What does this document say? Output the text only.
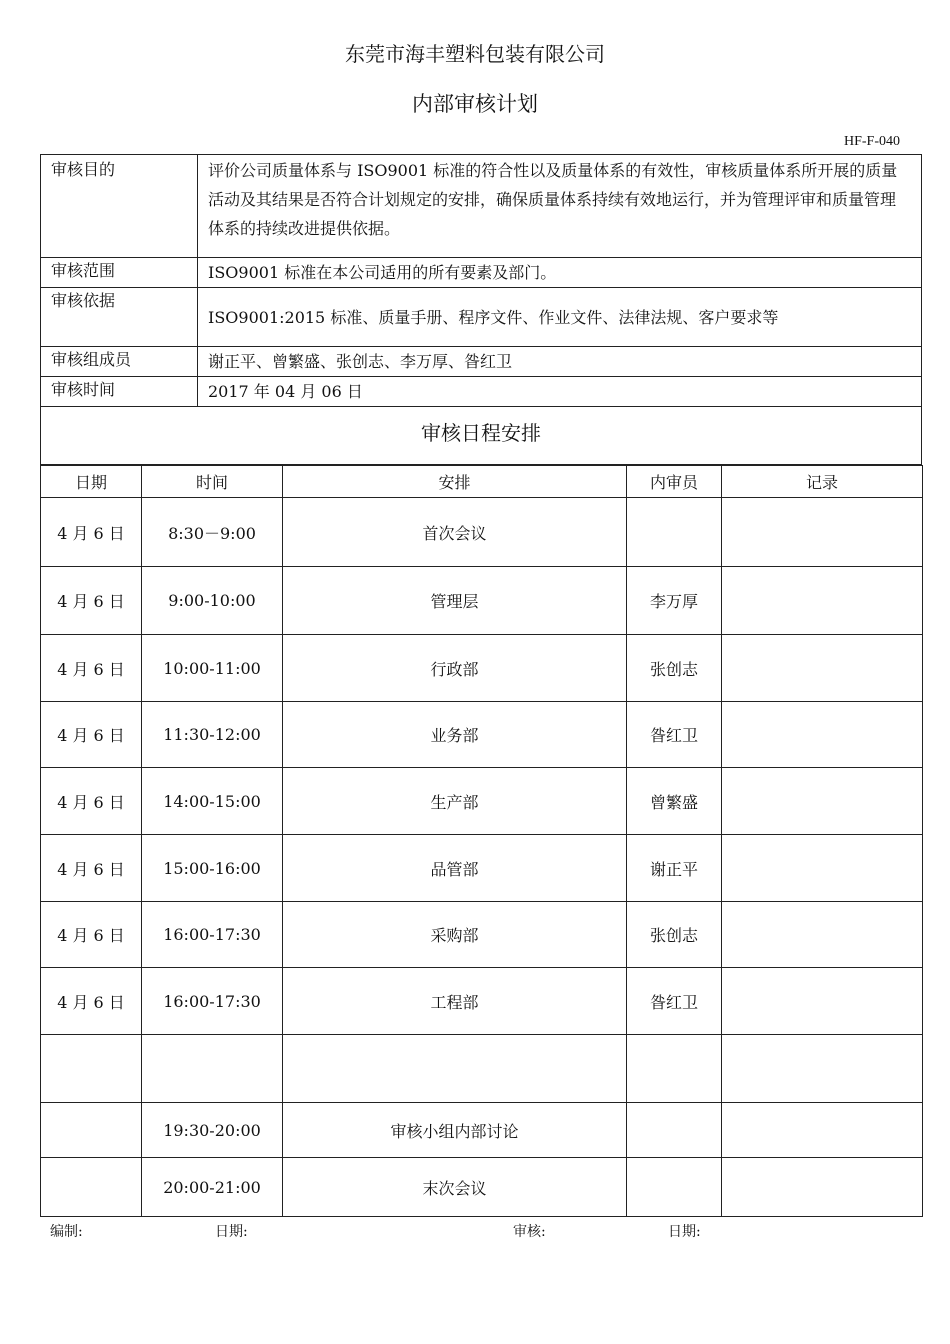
东莞市海丰塑料包装有限公司
内部审核计划
HF-F-040
审核目的	评价公司质量体系与 ISO9001 标准的符合性以及质量体系的有效性，审核质量体系所开展的质量活动及其结果是否符合计划规定的安排，确保质量体系持续有效地运行，并为管理评审和质量管理体系的持续改进提供依据。
审核范围	ISO9001 标准在本公司适用的所有要素及部门。
审核依据	ISO9001:2015 标准、质量手册、程序文件、作业文件、法律法规、客户要求等
审核组成员	谢正平、曾繁盛、张创志、李万厚、昝红卫
审核时间	2017 年 04 月 06 日
审核日程安排	
日期	时间	安排	内审员	记录
4 月 6 日	8:30－9:00	首次会议		
4 月 6 日	9:00-10:00	管理层	李万厚	
4 月 6 日	10:00-11:00	行政部	张创志	
4 月 6 日	11:30-12:00	业务部	昝红卫	
4 月 6 日	14:00-15:00	生产部	曾繁盛	
4 月 6 日	15:00-16:00	品管部	谢正平	
4 月 6 日	16:00-17:30	采购部	张创志	
4 月 6 日	16:00-17:30	工程部	昝红卫	

	19:30-20:00	审核小组内部讨论		
	20:00-21:00	末次会议		
编制:	日期:	审核:	日期:
